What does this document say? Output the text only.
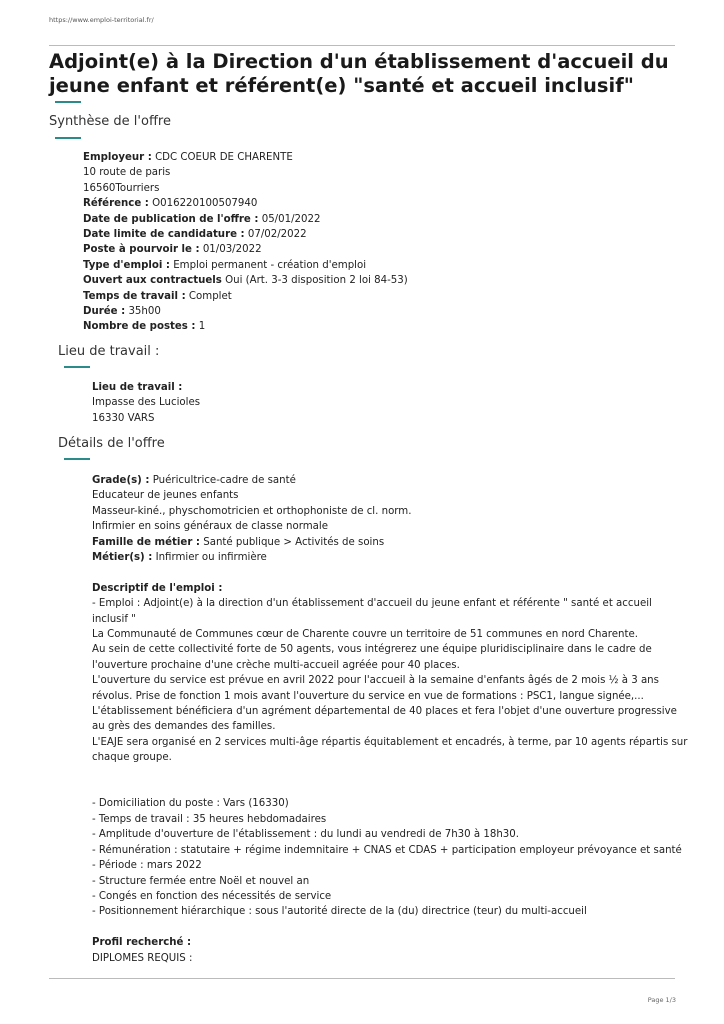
https://www.emploi-territorial.fr/
Adjoint(e) à la Direction d'un établissement d'accueil du jeune enfant et référent(e) "santé et accueil inclusif"
Synthèse de l'offre
Employeur : CDC COEUR DE CHARENTE
10 route de paris
16560Tourriers
Référence : O016220100507940
Date de publication de l'offre : 05/01/2022
Date limite de candidature : 07/02/2022
Poste à pourvoir le : 01/03/2022
Type d'emploi : Emploi permanent - création d'emploi
Ouvert aux contractuels Oui (Art. 3-3 disposition 2 loi 84-53)
Temps de travail : Complet
Durée : 35h00
Nombre de postes : 1
Lieu de travail :
Lieu de travail :
Impasse des Lucioles
16330 VARS
Détails de l'offre
Grade(s) : Puéricultrice-cadre de santé
Educateur de jeunes enfants
Masseur-kiné., physchomotricien et orthophoniste de cl. norm.
Infirmier en soins généraux de classe normale
Famille de métier : Santé publique > Activités de soins
Métier(s) : Infirmier ou infirmière
Descriptif de l'emploi :
- Emploi : Adjoint(e) à la direction d'un établissement d'accueil du jeune enfant et référente " santé et accueil
inclusif "
La Communauté de Communes cœur de Charente couvre un territoire de 51 communes en nord Charente.
Au sein de cette collectivité forte de 50 agents, vous intégrerez une équipe pluridisciplinaire dans le cadre de
l'ouverture prochaine d'une crèche multi-accueil agréée pour 40 places.
L'ouverture du service est prévue en avril 2022 pour l'accueil à la semaine d'enfants âgés de 2 mois ½ à 3 ans
révolus. Prise de fonction 1 mois avant l'ouverture du service en vue de formations : PSC1, langue signée,...
L'établissement bénéficiera d'un agrément départemental de 40 places et fera l'objet d'une ouverture progressive
au grès des demandes des familles.
L'EAJE sera organisé en 2 services multi-âge répartis équitablement et encadrés, à terme, par 10 agents répartis sur
chaque groupe.
- Domiciliation du poste : Vars (16330)
- Temps de travail : 35 heures hebdomadaires
- Amplitude d'ouverture de l'établissement : du lundi au vendredi de 7h30 à 18h30.
- Rémunération : statutaire + régime indemnitaire + CNAS et CDAS + participation employeur prévoyance et santé
- Période : mars 2022
- Structure fermée entre Noël et nouvel an
- Congés en fonction des nécessités de service
- Positionnement hiérarchique : sous l'autorité directe de la (du) directrice (teur) du multi-accueil
Profil recherché :
DIPLOMES REQUIS :
Page 1/3
